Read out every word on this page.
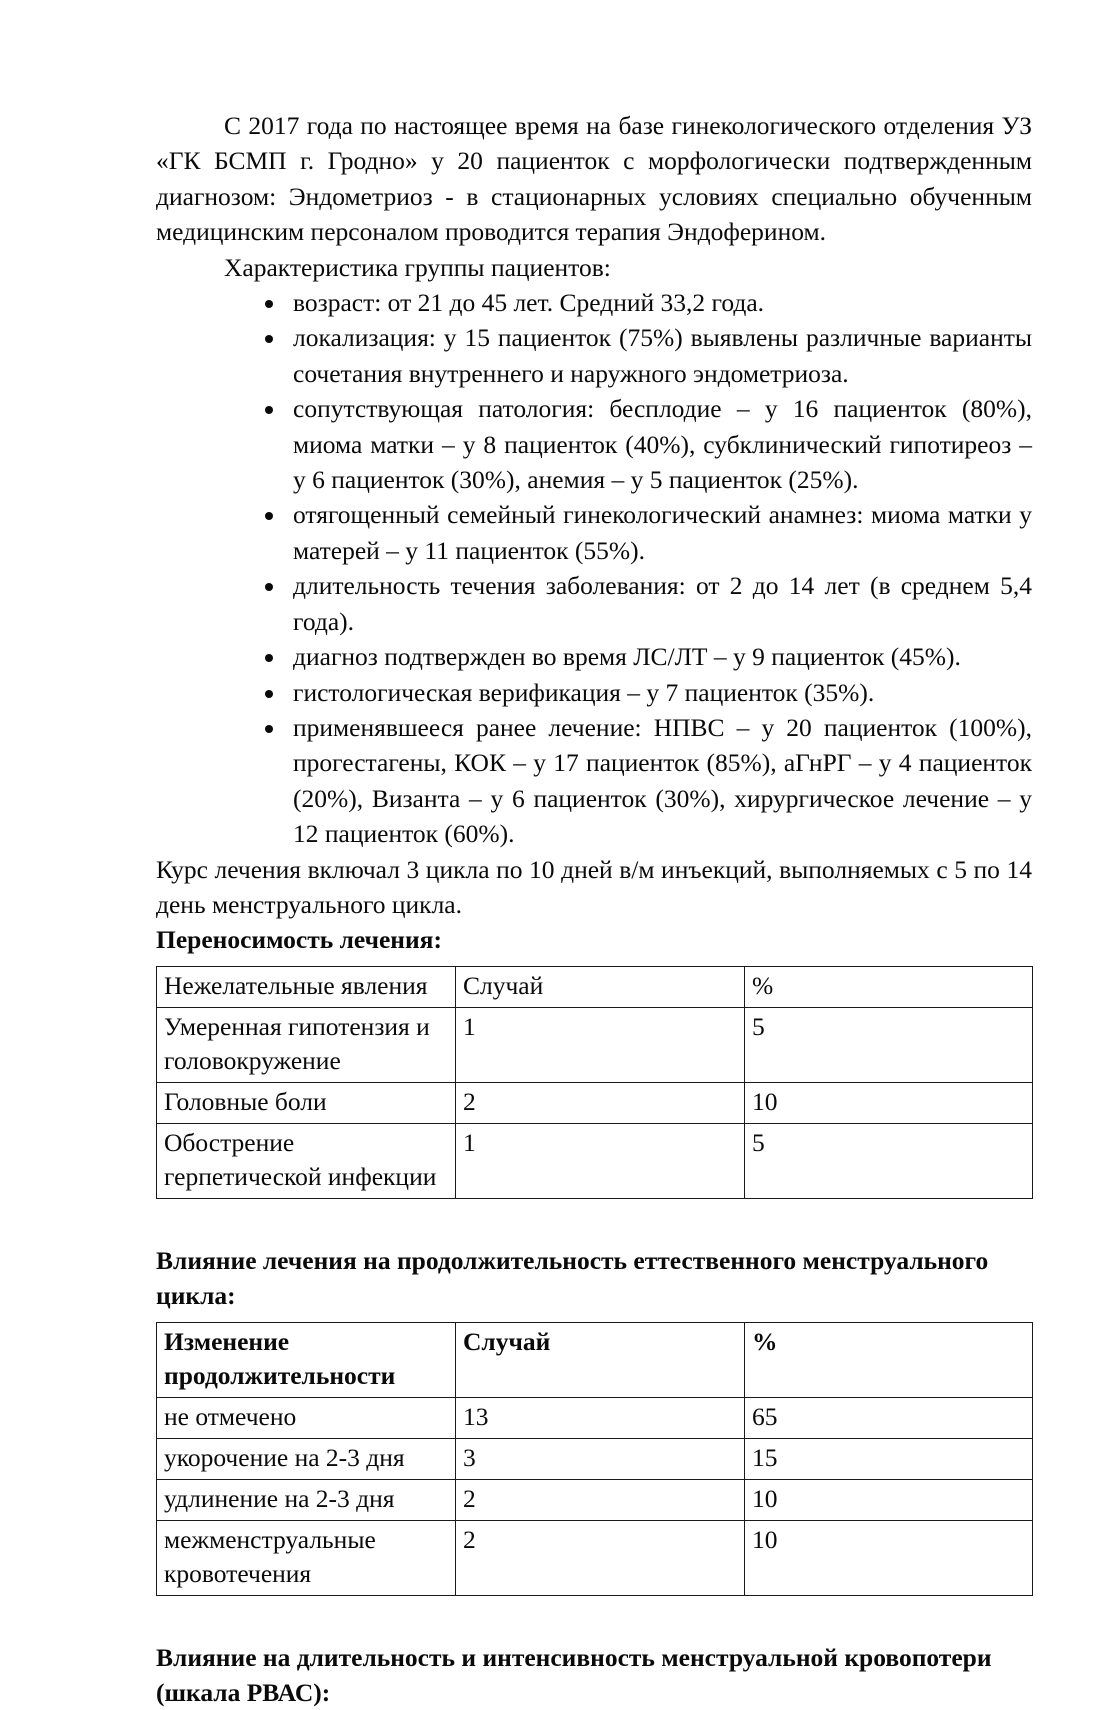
С 2017 года по настоящее время на базе гинекологического отделения УЗ «ГК БСМП г. Гродно» у 20 пациенток с морфологически подтвержденным диагнозом: Эндометриоз - в стационарных условиях специально обученным медицинским персоналом проводится терапия Эндоферином.

Характеристика группы пациентов:

возраст: от 21 до 45 лет. Средний 33,2 года.
локализация: у 15 пациенток (75%) выявлены различные варианты сочетания внутреннего и наружного эндометриоза.
сопутствующая патология: бесплодие – у 16 пациенток (80%), миома матки – у 8 пациенток (40%), субклинический гипотиреоз – у 6 пациенток (30%), анемия – у 5 пациенток (25%).
отягощенный семейный гинекологический анамнез: миома матки у матерей – у 11 пациенток (55%).
длительность течения заболевания: от 2 до 14 лет (в среднем 5,4 года).
диагноз подтвержден во время ЛС/ЛТ – у 9 пациенток (45%).
гистологическая верификация – у 7 пациенток (35%).
применявшееся ранее лечение: НПВС – у 20 пациенток (100%), прогестагены, КОК – у 17 пациенток (85%), аГнРГ – у 4 пациенток (20%), Византа – у 6 пациенток (30%), хирургическое лечение – у 12 пациенток (60%).

Курс лечения включал 3 цикла по 10 дней в/м инъекций, выполняемых с 5 по 14 день менструального цикла.

Переносимость лечения:
Нежелательные явления	Случай	%
Умеренная гипотензия и головокружение	1	5
Головные боли	2	10
Обострение герпетической инфекции	1	5
Влияние лечения на продолжительность еттественного менструального
цикла:
Изменение продолжительности	Случай	%
не отмечено	13	65
укорочение на 2-3 дня	3	15
удлинение на 2-3 дня	2	10
межменструальные кровотечения	2	10
Влияние на длительность и интенсивность менструальной кровопотери
(шкала РВАС):
